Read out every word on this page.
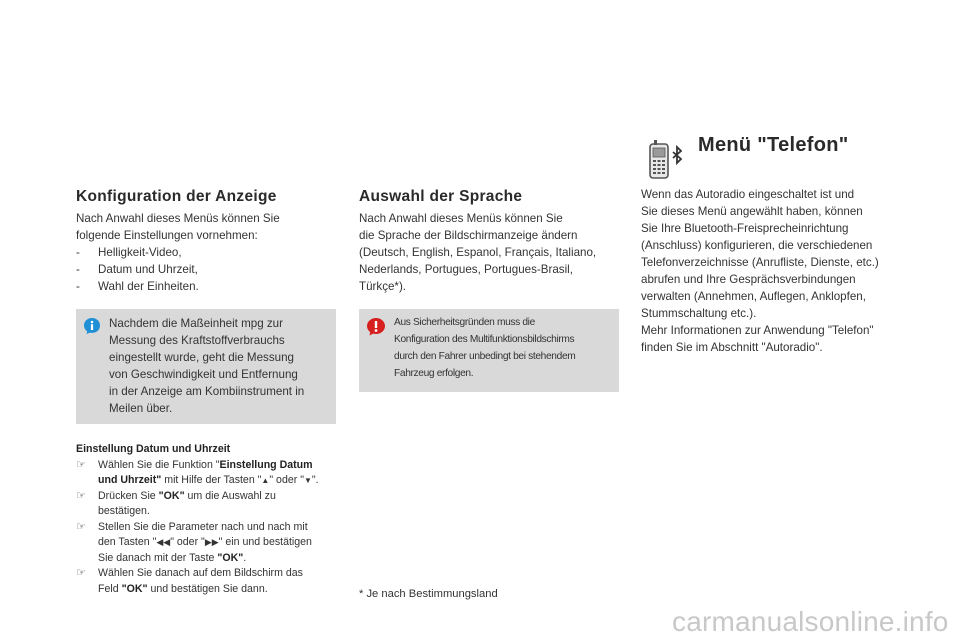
Konfiguration der Anzeige

Nach Anwahl dieses Menüs können Sie

folgende Einstellungen vornehmen:

- Helligkeit-Video,
- Datum und Uhrzeit,
- Wahl der Einheiten.

Nachdem die Maßeinheit mpg zur

Messung des Kraftstoffverbrauchs

eingestellt wurde, geht die Messung

von Geschwindigkeit und Entfernung

in der Anzeige am Kombiinstrument in

Meilen über.

Einstellung Datum und Uhrzeit
☞ Wählen Sie die Funktion "Einstellung Datum
und Uhrzeit" mit Hilfe der Tasten "▲" oder "▼".
☞ Drücken Sie "OK" um die Auswahl zu
bestätigen.
☞ Stellen Sie die Parameter nach und nach mit
den Tasten "◀◀" oder "▶▶" ein und bestätigen
Sie danach mit der Taste "OK".
☞ Wählen Sie danach auf dem Bildschirm das
Feld "OK" und bestätigen Sie dann.
Auswahl der Sprache

Nach Anwahl dieses Menüs können Sie

die Sprache der Bildschirmanzeige ändern

(Deutsch, English, Espanol, Français, Italiano,

Nederlands, Portugues, Portugues-Brasil,

Türkçe*).

Aus Sicherheitsgründen muss die
Konfiguration des Multifunktionsbildschirms
durch den Fahrer unbedingt bei stehendem
Fahrzeug erfolgen.
* Je nach Bestimmungsland
Menü "Telefon"

Wenn das Autoradio eingeschaltet ist und

Sie dieses Menü angewählt haben, können

Sie Ihre Bluetooth-Freisprecheinrichtung

(Anschluss) konfigurieren, die verschiedenen

Telefonverzeichnisse (Anrufliste, Dienste, etc.)

abrufen und Ihre Gesprächsverbindungen

verwalten (Annehmen, Auflegen, Anklopfen,

Stummschaltung etc.).

Mehr Informationen zur Anwendung "Telefon"

finden Sie im Abschnitt "Autoradio".

carmanualsonline.info
